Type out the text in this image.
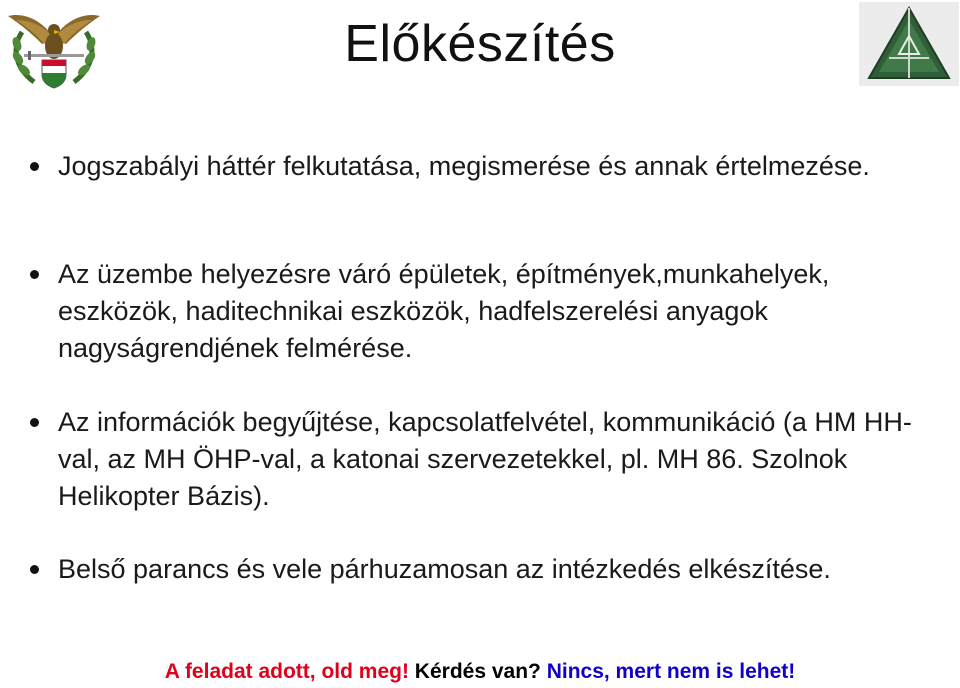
Előkészítés
Jogszabályi háttér felkutatása, megismerése és annak értelmezése.
Az üzembe helyezésre váró épületek, építmények,munkahelyek, eszközök, haditechnikai eszközök, hadfelszerelési anyagok nagyságrendjének felmérése.
Az információk begyűjtése, kapcsolatfelvétel, kommunikáció (a HM HH-val, az MH ÖHP-val, a katonai szervezetekkel, pl. MH 86. Szolnok Helikopter Bázis).
Belső parancs és vele párhuzamosan az intézkedés elkészítése.
A feladat adott, old meg! Kérdés van? Nincs, mert nem is lehet!
